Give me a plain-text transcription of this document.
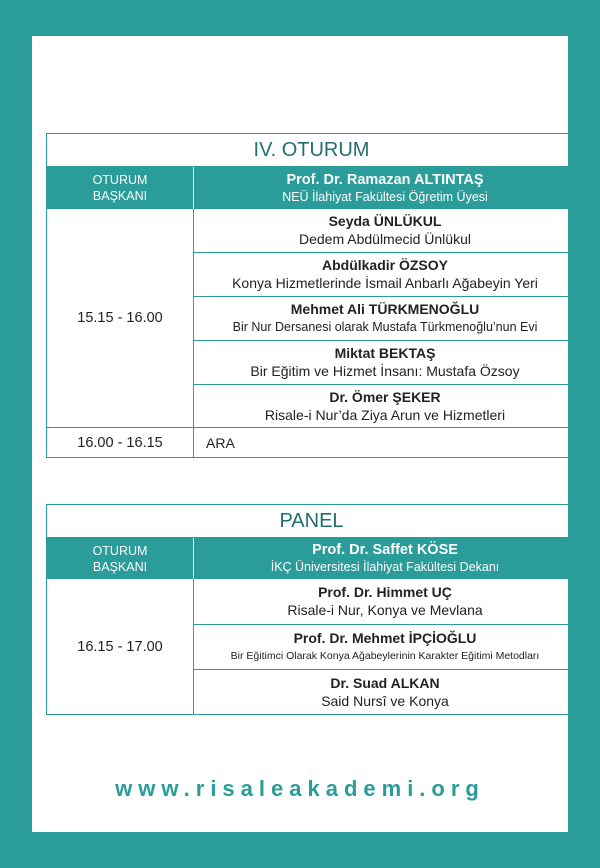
IV. OTURUM
OTURUM
BAŞKANI
Prof. Dr. Ramazan ALTINTAŞ
NEÜ İlahiyat Fakültesi Öğretim Üyesi
15.15 - 16.00
Seyda ÜNLÜKUL
Dedem Abdülmecid Ünlükul
Abdülkadir ÖZSOY
Konya Hizmetlerinde İsmail Anbarlı Ağabeyin Yeri
Mehmet Ali TÜRKMENOĞLU
Bir Nur Dersanesi olarak Mustafa Türkmenoğlu’nun Evi
Miktat BEKTAŞ
Bir Eğitim ve Hizmet İnsanı: Mustafa Özsoy
Dr. Ömer ŞEKER
Risale-i Nur’da Ziya Arun ve Hizmetleri
16.00 - 16.15	ARA
PANEL
OTURUM
BAŞKANI
Prof. Dr. Saffet KÖSE
İKÇ Üniversitesi İlahiyat Fakültesi Dekanı
16.15 - 17.00
Prof. Dr. Himmet UÇ
Risale-i Nur, Konya ve Mevlana
Prof. Dr. Mehmet İPÇİOĞLU
Bir Eğitimci Olarak Konya Ağabeylerinin Karakter Eğitimi Metodları
Dr. Suad ALKAN
Said Nursî ve Konya
www.risaleakademi.org
